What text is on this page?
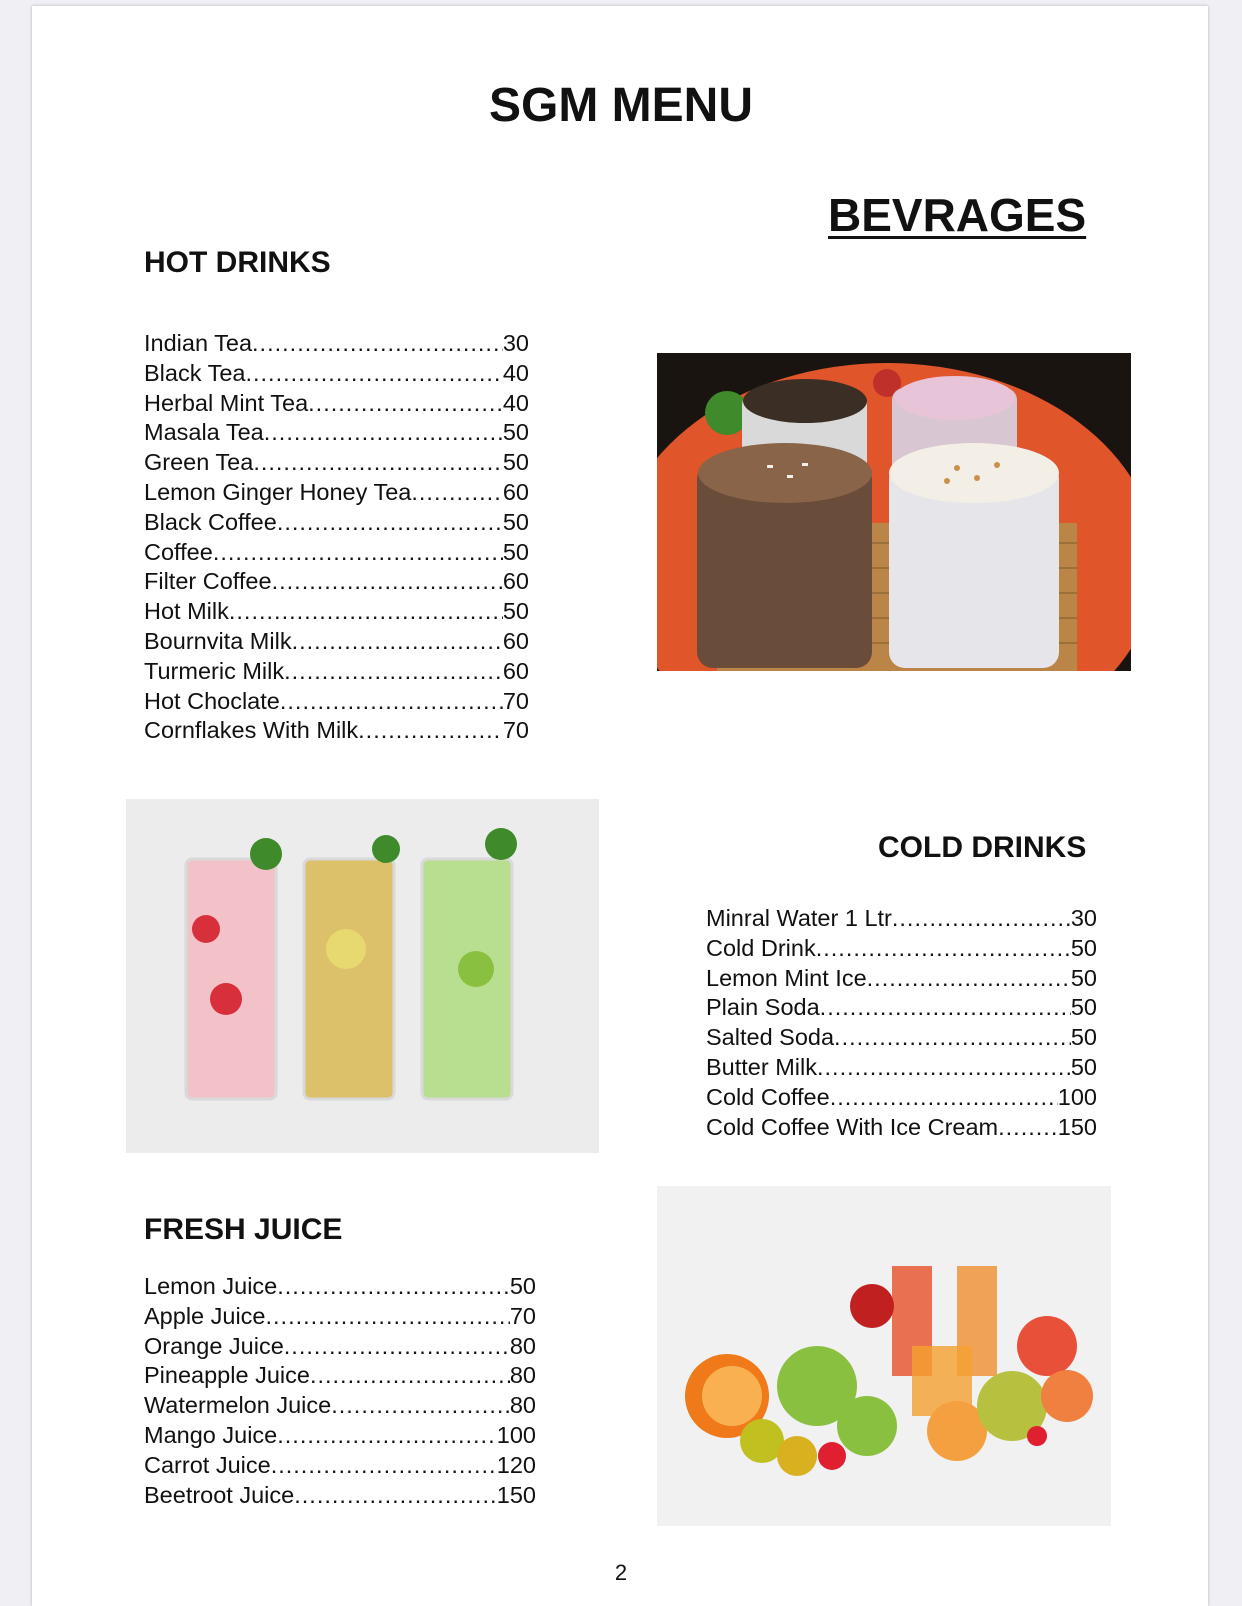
SGM MENU
BEVRAGES
HOT DRINKS
Indian Tea .....	30
Black Tea .....	40
Herbal Mint Tea .....	40
Masala Tea .....	50
Green Tea .....	50
Lemon Ginger Honey Tea .....	60
Black Coffee .....	50
Coffee .....	50
Filter Coffee .....	60
Hot Milk .....	50
Bournvita Milk .....	60
Turmeric Milk .....	60
Hot Choclate .....	70
Cornflakes With Milk .....	70
COLD DRINKS
Minral Water 1 Ltr .....	30
Cold Drink .....	50
Lemon Mint Ice .....	50
Plain Soda .....	50
Salted Soda .....	50
Butter Milk .....	50
Cold Coffee .....	100
Cold Coffee With Ice Cream .....	150
FRESH JUICE
Lemon Juice .....	50
Apple Juice .....	70
Orange Juice .....	80
Pineapple Juice .....	80
Watermelon Juice .....	80
Mango Juice .....	100
Carrot Juice .....	120
Beetroot Juice .....	150
2
